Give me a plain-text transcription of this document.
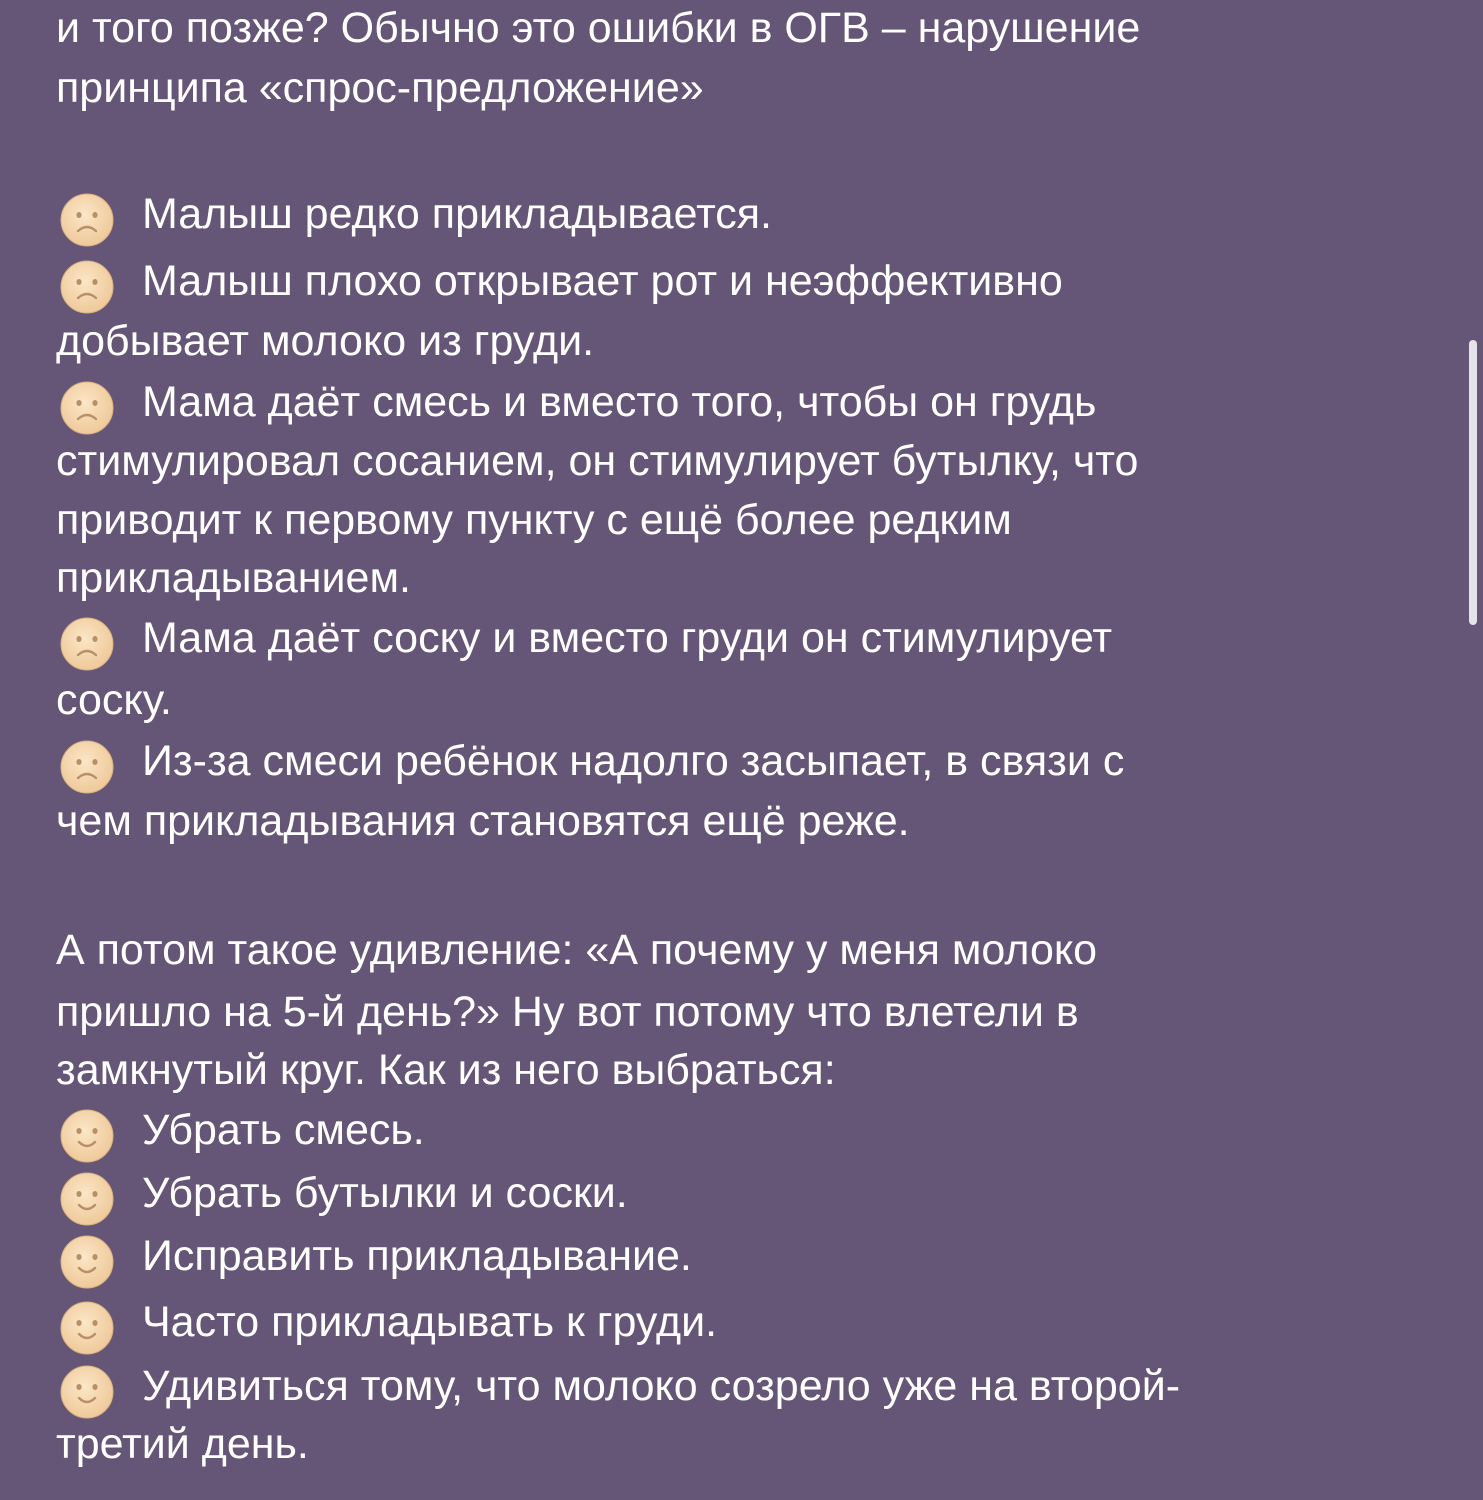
и того позже? Обычно это ошибки в ОГВ – нарушение
принципа «спрос-предложение»
Малыш редко прикладывается.
Малыш плохо открывает рот и неэффективно
добывает молоко из груди.
Мама даёт смесь и вместо того, чтобы он грудь
стимулировал сосанием, он стимулирует бутылку, что
приводит к первому пункту с ещё более редким
прикладыванием.
Мама даёт соску и вместо груди он стимулирует
соску.
Из-за смеси ребёнок надолго засыпает, в связи с
чем прикладывания становятся ещё реже.
А потом такое удивление: «А почему у меня молоко
пришло на 5-й день?» Ну вот потому что влетели в
замкнутый круг. Как из него выбраться:
Убрать смесь.
Убрать бутылки и соски.
Исправить прикладывание.
Часто прикладывать к груди.
Удивиться тому, что молоко созрело уже на второй-
третий день.
